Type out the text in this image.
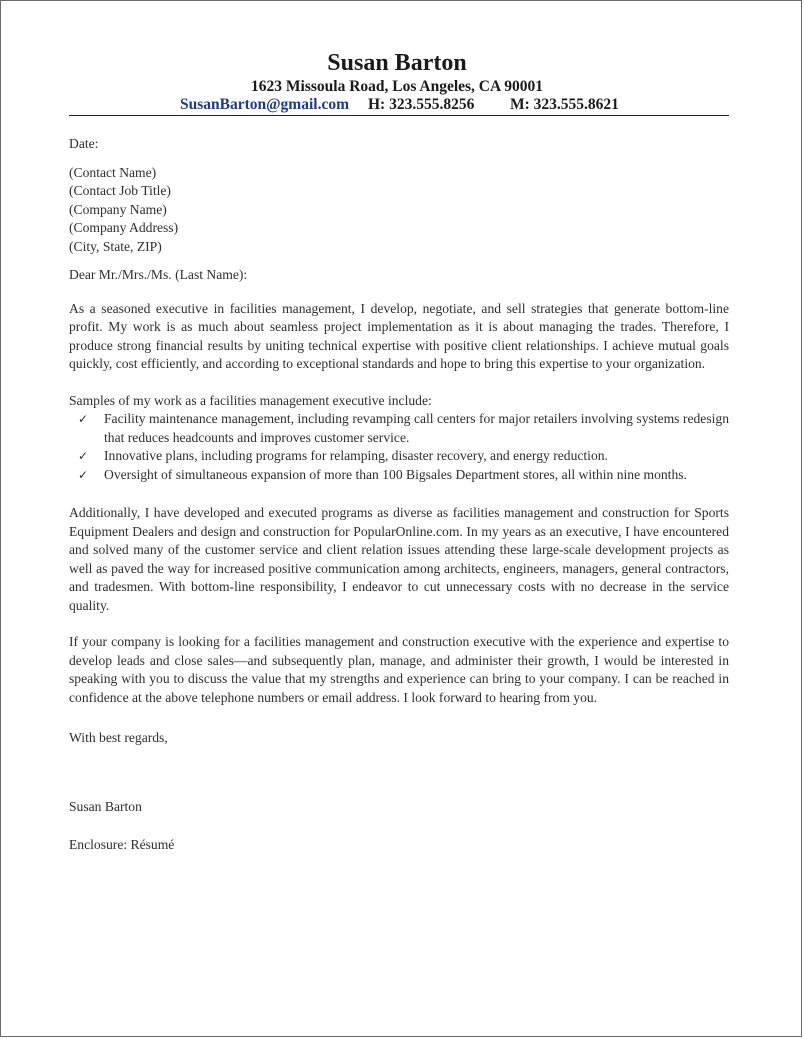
Susan Barton
1623 Missoula Road, Los Angeles, CA 90001
SusanBarton@gmail.com H: 323.555.8256 M: 323.555.8621

Date:

(Contact Name)
(Contact Job Title)
(Company Name)
(Company Address)
(City, State, ZIP)

Dear Mr./Mrs./Ms. (Last Name):

As a seasoned executive in facilities management, I develop, negotiate, and sell strategies that generate bottom-line profit. My work is as much about seamless project implementation as it is about managing the trades. Therefore, I produce strong financial results by uniting technical expertise with positive client relationships. I achieve mutual goals quickly, cost efficiently, and according to exceptional standards and hope to bring this expertise to your organization.

Samples of my work as a facilities management executive include:

✓ Facility maintenance management, including revamping call centers for major retailers involving systems redesign that reduces headcounts and improves customer service.
✓ Innovative plans, including programs for relamping, disaster recovery, and energy reduction.
✓ Oversight of simultaneous expansion of more than 100 Bigsales Department stores, all within nine months.

Additionally, I have developed and executed programs as diverse as facilities management and construction for Sports Equipment Dealers and design and construction for PopularOnline.com. In my years as an executive, I have encountered and solved many of the customer service and client relation issues attending these large-scale development projects as well as paved the way for increased positive communication among architects, engineers, managers, general contractors, and tradesmen. With bottom-line responsibility, I endeavor to cut unnecessary costs with no decrease in the service quality.

If your company is looking for a facilities management and construction executive with the experience and expertise to develop leads and close sales—and subsequently plan, manage, and administer their growth, I would be interested in speaking with you to discuss the value that my strengths and experience can bring to your company. I can be reached in confidence at the above telephone numbers or email address. I look forward to hearing from you.

With best regards,

Susan Barton

Enclosure: Résumé
